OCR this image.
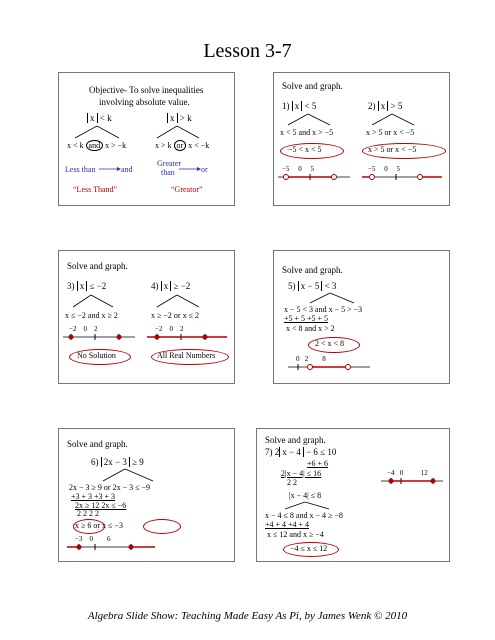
Lesson 3-7
Objective- To solve inequalities
involving absolute value.
x < k	x > k
x < k and x > −k	x > k or x < −k
Less than	and
Greater
than	or
“Less Thand”	“Greator”
Solve and graph.
1) x < 5	2) x > 5
x < 5 and x > −5	x > 5 or x < −5
−5 < x < 5	x > 5 or x < −5
−5 0 5	−5 0 5
Solve and graph.
3) x ≤ −2	4) x ≥ −2
x ≤ −2 and x ≥ 2	x ≥ −2 or x ≤ 2
−2 0 2	−2 0 2
No Solution	All Real Numbers
Solve and graph.
5) x − 5 < 3
x − 5 < 3 and x − 5 > −3
+5 + 5 +5 + 5
x < 8 and x > 2
2 < x < 8
0 2 8
Solve and graph.
6) 2x − 3 ≥ 9
2x − 3 ≥ 9 or 2x − 3 ≤ −9
+3 + 3 +3 + 3
2x ≥ 12 2x ≤ −6
2 2 2 2
x ≥ 6 or x ≤ −3
−3 0 6
Solve and graph.
7) 2 x − 4 − 6 ≤ 10
+6 + 6
2|x − 4| ≤ 16
2 2
|x − 4| ≤ 8
x − 4 ≤ 8 and x − 4 ≥ −8
+4 + 4 +4 + 4
x ≤ 12 and x ≥ −4
−4 ≤ x ≤ 12
−4 0	12
Algebra Slide Show: Teaching Made Easy As Pi, by James Wenk © 2010
